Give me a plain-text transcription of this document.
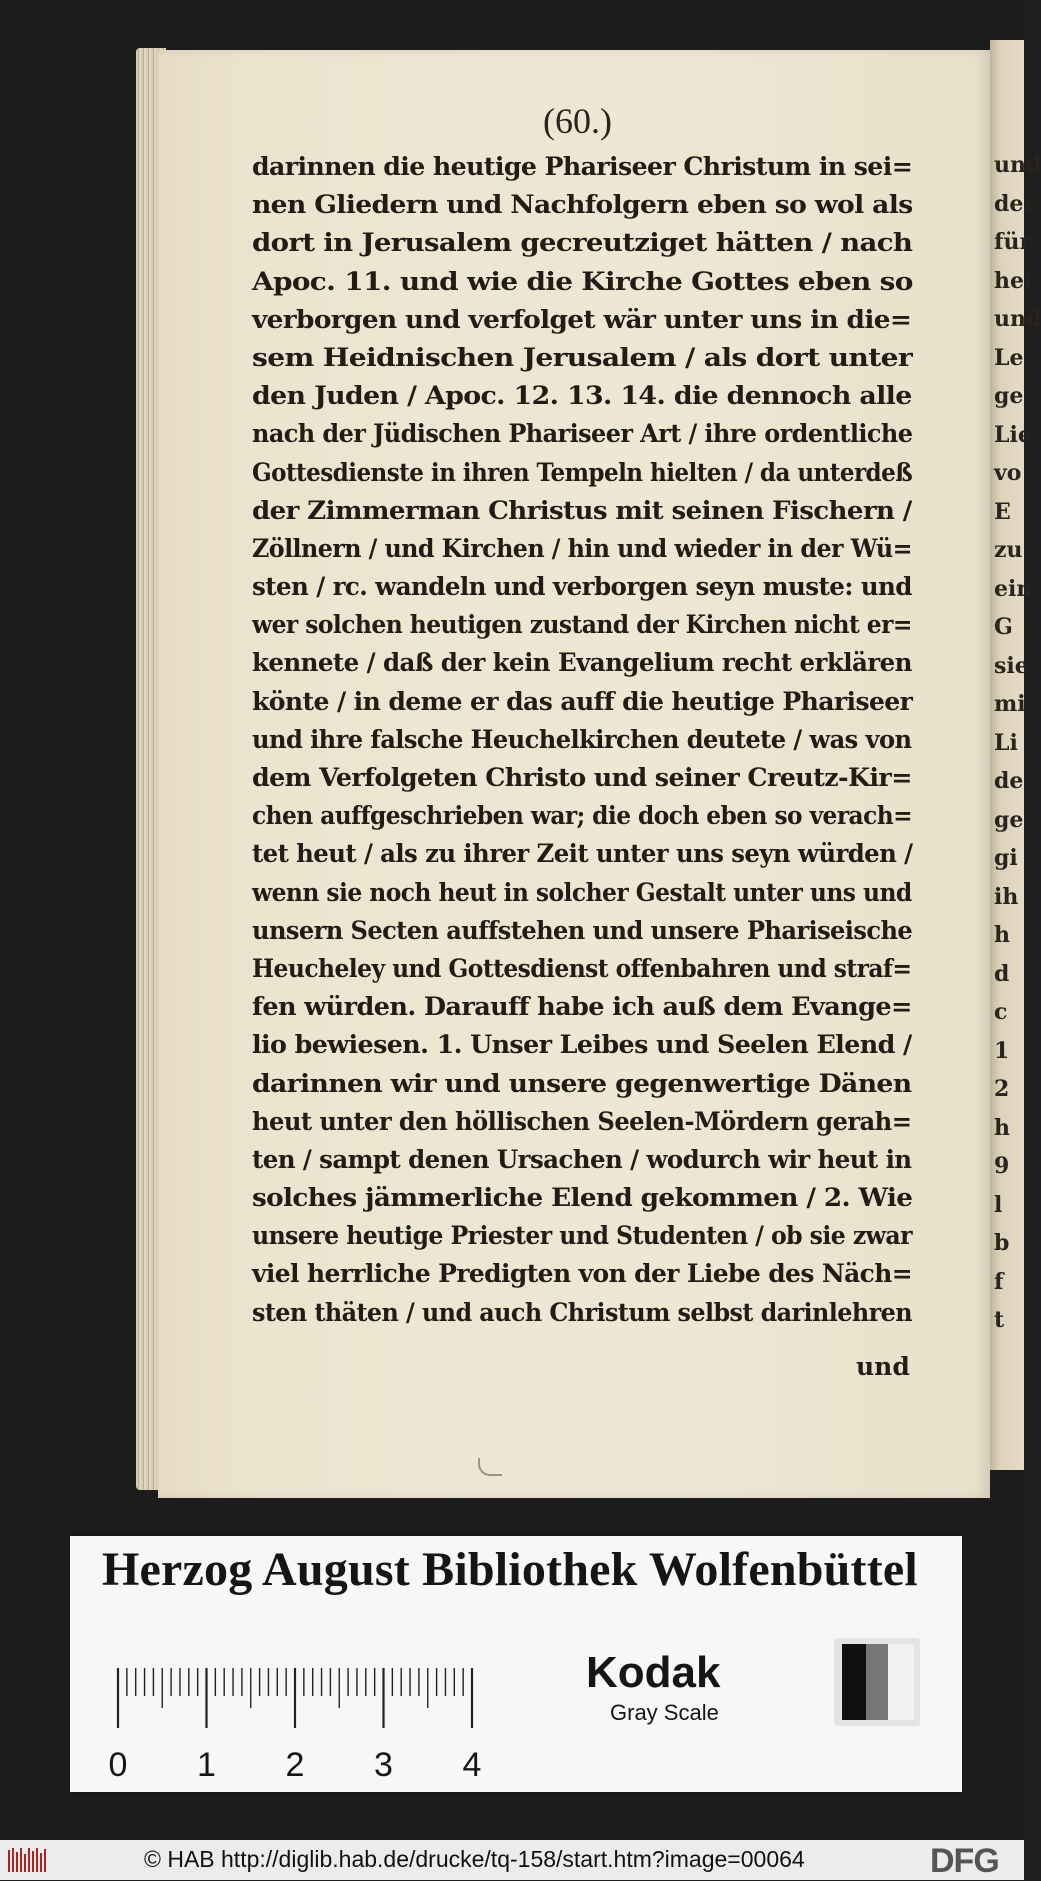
und
der
für
hei
und
Le
ge
Lie
vo
E
zu
ein
G
sie
mi
Li
de
ge
gi
ih
h
d
c
1
2
h
9
l
b
f
t
(60.)
darinnen die heutige Phariseer Christum in sei=
nen Gliedern und Nachfolgern eben so wol als
dort in Jerusalem gecreutziget hätten / nach
Apoc. 11. und wie die Kirche Gottes eben so
verborgen und verfolget wär unter uns in die=
sem Heidnischen Jerusalem / als dort unter
den Juden / Apoc. 12. 13. 14. die dennoch alle
nach der Jüdischen Phariseer Art / ihre ordentliche
Gottesdienste in ihren Tempeln hielten / da unterdeß
der Zimmerman Christus mit seinen Fischern /
Zöllnern / und Kirchen / hin und wieder in der Wü=
sten / rc. wandeln und verborgen seyn muste: und
wer solchen heutigen zustand der Kirchen nicht er=
kennete / daß der kein Evangelium recht erklären
könte / in deme er das auff die heutige Phariseer
und ihre falsche Heuchelkirchen deutete / was von
dem Verfolgeten Christo und seiner Creutz-Kir=
chen auffgeschrieben war; die doch eben so verach=
tet heut / als zu ihrer Zeit unter uns seyn würden /
wenn sie noch heut in solcher Gestalt unter uns und
unsern Secten auffstehen und unsere Phariseische
Heucheley und Gottesdienst offenbahren und straf=
fen würden. Darauff habe ich auß dem Evange=
lio bewiesen. 1. Unser Leibes und Seelen Elend /
darinnen wir und unsere gegenwertige Dänen
heut unter den höllischen Seelen-Mördern gerah=
ten / sampt denen Ursachen / wodurch wir heut in
solches jämmerliche Elend gekommen / 2. Wie
unsere heutige Priester und Studenten / ob sie zwar
viel herrliche Predigten von der Liebe des Näch=
sten thäten / und auch Christum selbst darinlehren
und
Herzog August Bibliothek Wolfenbüttel
0 1 2 3 4
Kodak
Gray Scale
© HAB http://diglib.hab.de/drucke/tq-158/start.htm?image=00064	DFG
